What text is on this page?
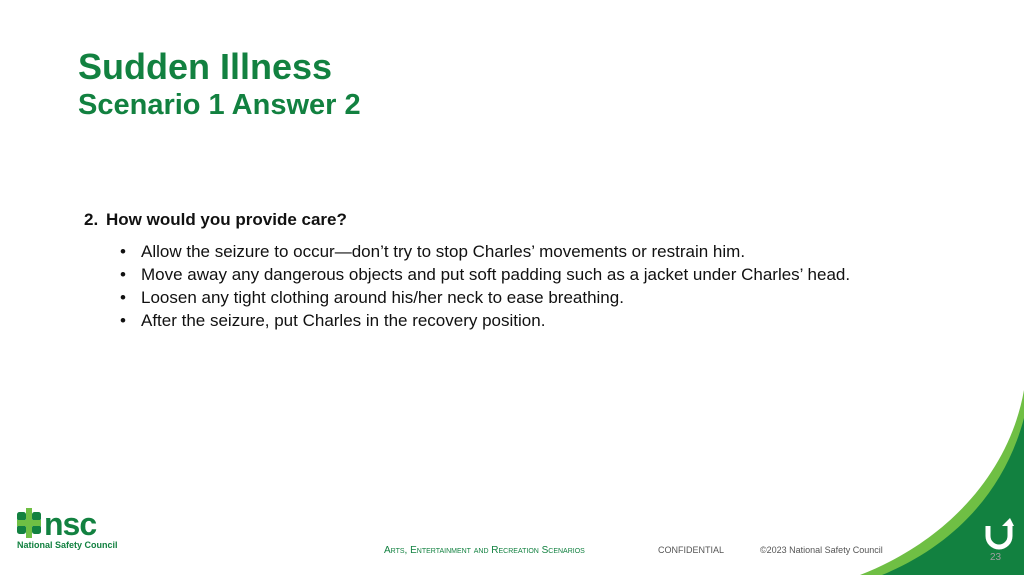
Sudden Illness
Scenario 1 Answer 2
2. How would you provide care?
• Allow the seizure to occur—don’t try to stop Charles’ movements or restrain him.
• Move away any dangerous objects and put soft padding such as a jacket under Charles’ head.
• Loosen any tight clothing around his/her neck to ease breathing.
• After the seizure, put Charles in the recovery position.
nsc
National Safety Council	Arts, Entertainment and Recreation Scenarios	CONFIDENTIAL	©2023 National Safety Council
23
